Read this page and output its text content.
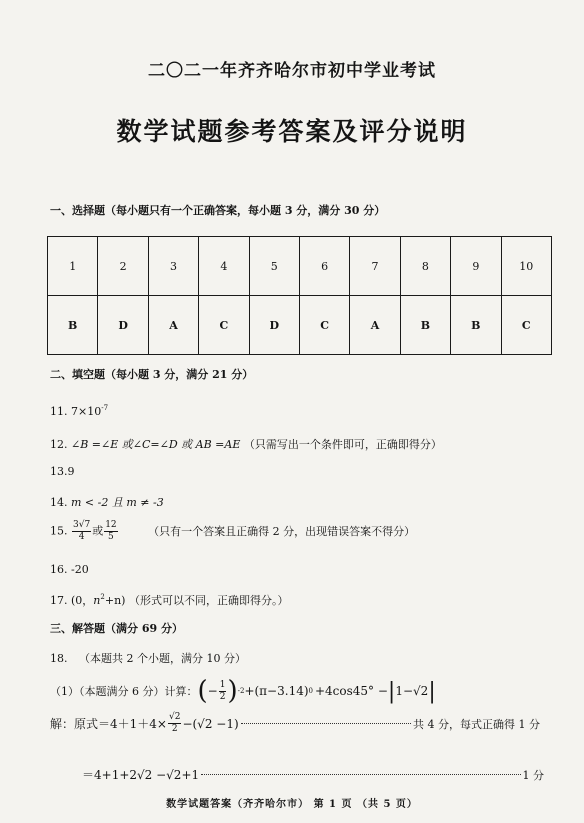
二〇二一年齐齐哈尔市初中学业考试
数学试题参考答案及评分说明
一、选择题（每小题只有一个正确答案，每小题 3 分，满分 30 分）
1	2	3	4	5	6	7	8	9	10
B	D	A	C	D	C	A	B	B	C
二、填空题（每小题 3 分，满分 21 分）
11. $7\times 10^{-7}$
12. ∠B =∠E 或∠C=∠D 或 AB =AE （只需写出一个条件即可，正确即得分）
13.9
14. m < -2 且 m ≠ -3
15. $\frac{3√7}{4}$ 或 $\frac{12}{5}$	（只有一个答案且正确得 2 分，出现错误答案不得分）
16. -20
17. (0，$n^2+n$) （形式可以不同，正确即得分。）
三、解答题（满分 69 分）
18. （本题共 2 个小题，满分 10 分）
（1）（本题满分 6 分）计算： ( − $\frac{1}{2}$ ) -2 +(π−3.14) 0 +4cos45° − | 1−√2 |
解：原式$=4+1+4\times \frac{√2}{2} -(√2 -1)$	共 4 分，每式正确得 1 分
＝4+1+2√2 −√2+1	1 分
数学试题答案（齐齐哈尔市） 第 1 页 （共 5 页）
